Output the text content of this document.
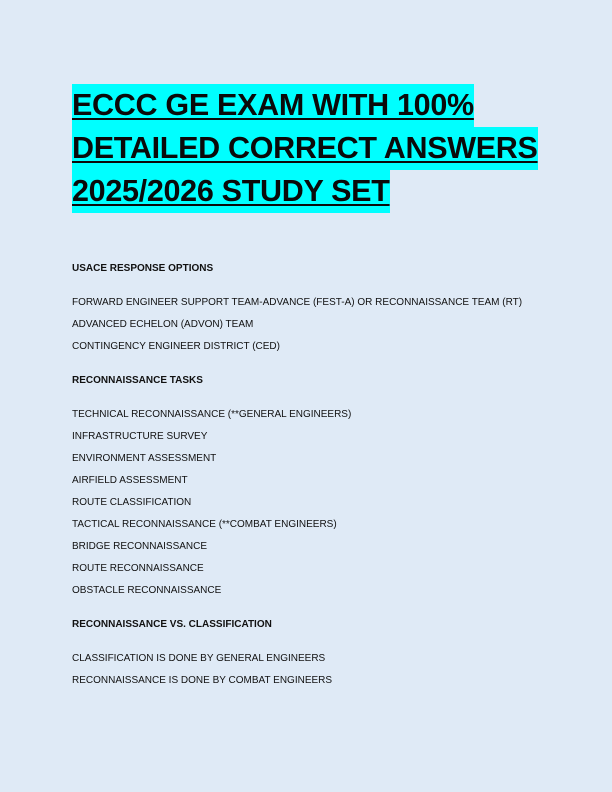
ECCC GE EXAM WITH 100%
DETAILED CORRECT ANSWERS
2025/2026 STUDY SET
USACE RESPONSE OPTIONS
FORWARD ENGINEER SUPPORT TEAM-ADVANCE (FEST-A) OR RECONNAISSANCE TEAM (RT)
ADVANCED ECHELON (ADVON) TEAM
CONTINGENCY ENGINEER DISTRICT (CED)
RECONNAISSANCE TASKS
TECHNICAL RECONNAISSANCE (**GENERAL ENGINEERS)
INFRASTRUCTURE SURVEY
ENVIRONMENT ASSESSMENT
AIRFIELD ASSESSMENT
ROUTE CLASSIFICATION
TACTICAL RECONNAISSANCE (**COMBAT ENGINEERS)
BRIDGE RECONNAISSANCE
ROUTE RECONNAISSANCE
OBSTACLE RECONNAISSANCE
RECONNAISSANCE VS. CLASSIFICATION
CLASSIFICATION IS DONE BY GENERAL ENGINEERS
RECONNAISSANCE IS DONE BY COMBAT ENGINEERS
